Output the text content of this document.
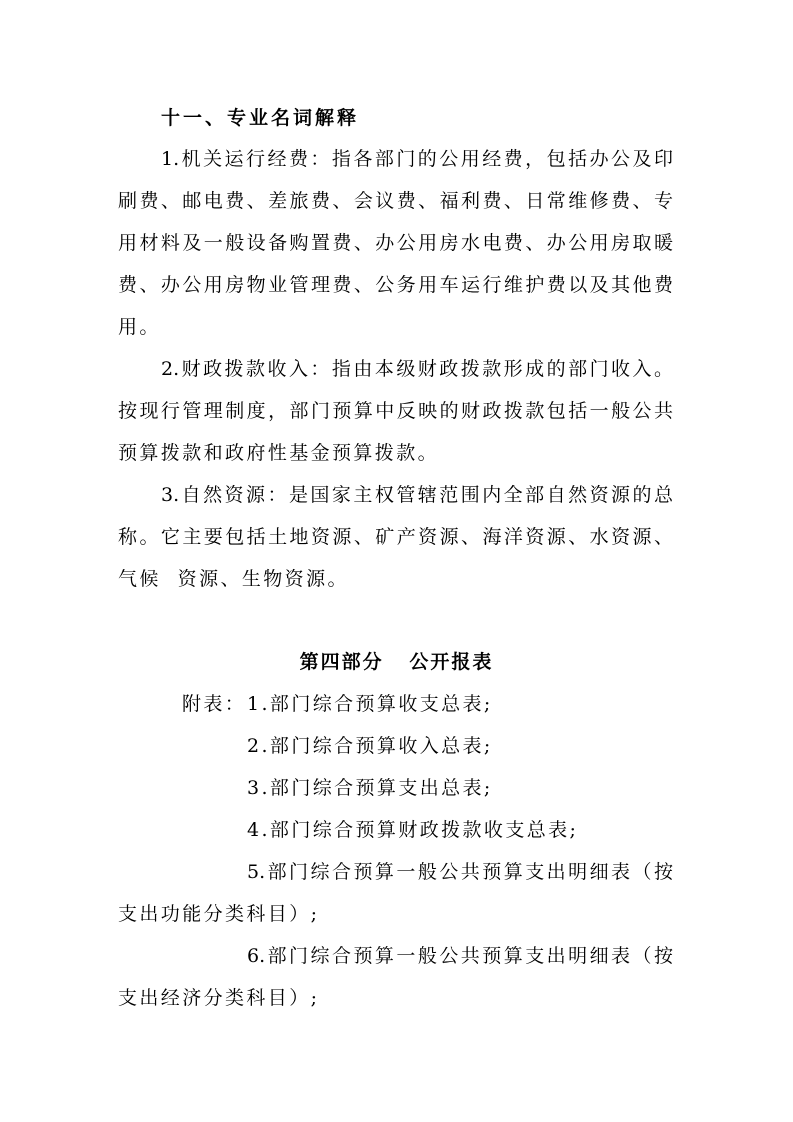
十一、专业名词解释
1.机关运行经费：指各部门的公用经费，包括办公及印
刷费、邮电费、差旅费、会议费、福利费、日常维修费、专
用材料及一般设备购置费、办公用房水电费、办公用房取暖
费、办公用房物业管理费、公务用车运行维护费以及其他费
用。
2.财政拨款收入：指由本级财政拨款形成的部门收入。
按现行管理制度，部门预算中反映的财政拨款包括一般公共
预算拨款和政府性基金预算拨款。
3.自然资源：是国家主权管辖范围内全部自然资源的总
称。它主要包括土地资源、矿产资源、海洋资源、水资源、
气候  资源、生物资源。
第四部分   公开报表
附表： 1.部门综合预算收支总表;
2.部门综合预算收入总表;
3.部门综合预算支出总表;
4.部门综合预算财政拨款收支总表;
5.部门综合预算一般公共预算支出明细表（按
支出功能分类科目）;
6.部门综合预算一般公共预算支出明细表（按
支出经济分类科目）;
